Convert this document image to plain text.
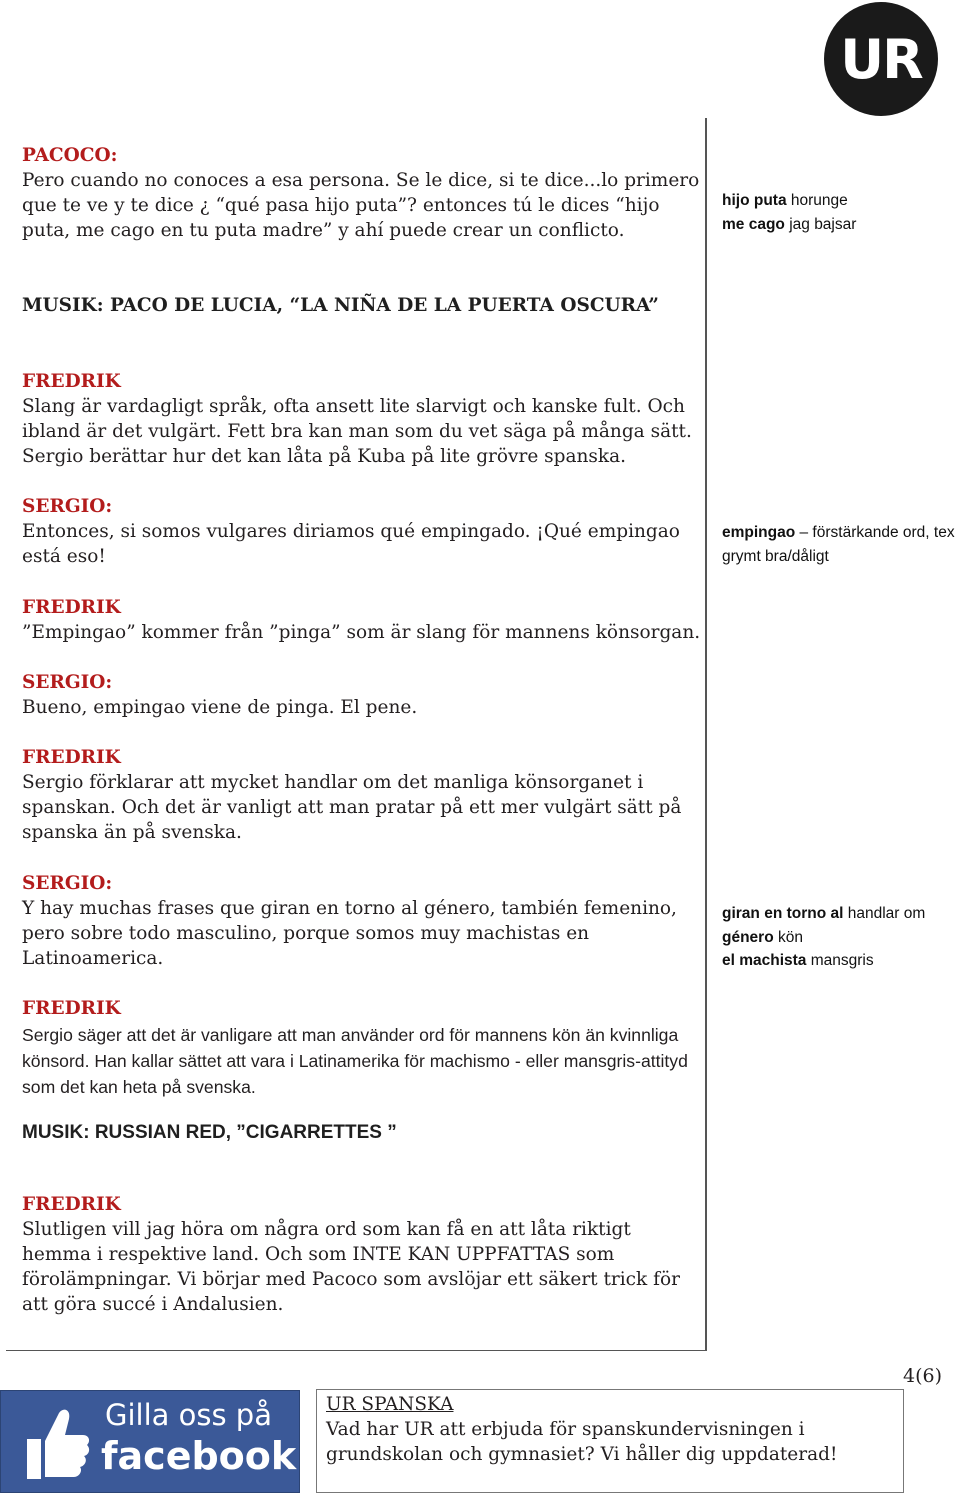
UR
PACOCO:
Pero cuando no conoces a esa persona. Se le dice, si te dice...lo primero que te ve y te dice ¿ “qué pasa hijo puta”? entonces tú le dices “hijo puta, me cago en tu puta madre” y ahí puede crear un conflicto.
MUSIK: PACO DE LUCIA, “LA NIÑA DE LA PUERTA OSCURA”
FREDRIK
Slang är vardagligt språk, ofta ansett lite slarvigt och kanske fult. Och ibland är det vulgärt. Fett bra kan man som du vet säga på många sätt. Sergio berättar hur det kan låta på Kuba på lite grövre spanska.
SERGIO:
Entonces, si somos vulgares diriamos qué empingado. ¡Qué empingao está eso!
FREDRIK
”Empingao” kommer från ”pinga” som är slang för mannens könsorgan.
SERGIO:
Bueno, empingao viene de pinga. El pene.
FREDRIK
Sergio förklarar att mycket handlar om det manliga könsorganet i spanskan. Och det är vanligt att man pratar på ett mer vulgärt sätt på spanska än på svenska.
SERGIO:
Y hay muchas frases que giran en torno al género, también femenino, pero sobre todo masculino, porque somos muy machistas en Latinoamerica.
FREDRIK
Sergio säger att det är vanligare att man använder ord för mannens kön än kvinnliga könsord. Han kallar sättet att vara i Latinamerika för machismo - eller mansgris-attityd som det kan heta på svenska.
MUSIK: RUSSIAN RED, ”CIGARRETTES ”
FREDRIK
Slutligen vill jag höra om några ord som kan få en att låta riktigt hemma i respektive land. Och som INTE KAN UPPFATTAS som förolämpningar. Vi börjar med Pacoco som avslöjar ett säkert trick för att göra succé i Andalusien.
hijo puta horunge
me cago jag bajsar
empingao – förstärkande ord, tex grymt bra/dåligt
giran en torno al handlar om
género kön
el machista mansgris
4(6)
Gilla oss på
facebook
UR SPANSKA
Vad har UR att erbjuda för spanskundervisningen i grundskolan och gymnasiet? Vi håller dig uppdaterad!
